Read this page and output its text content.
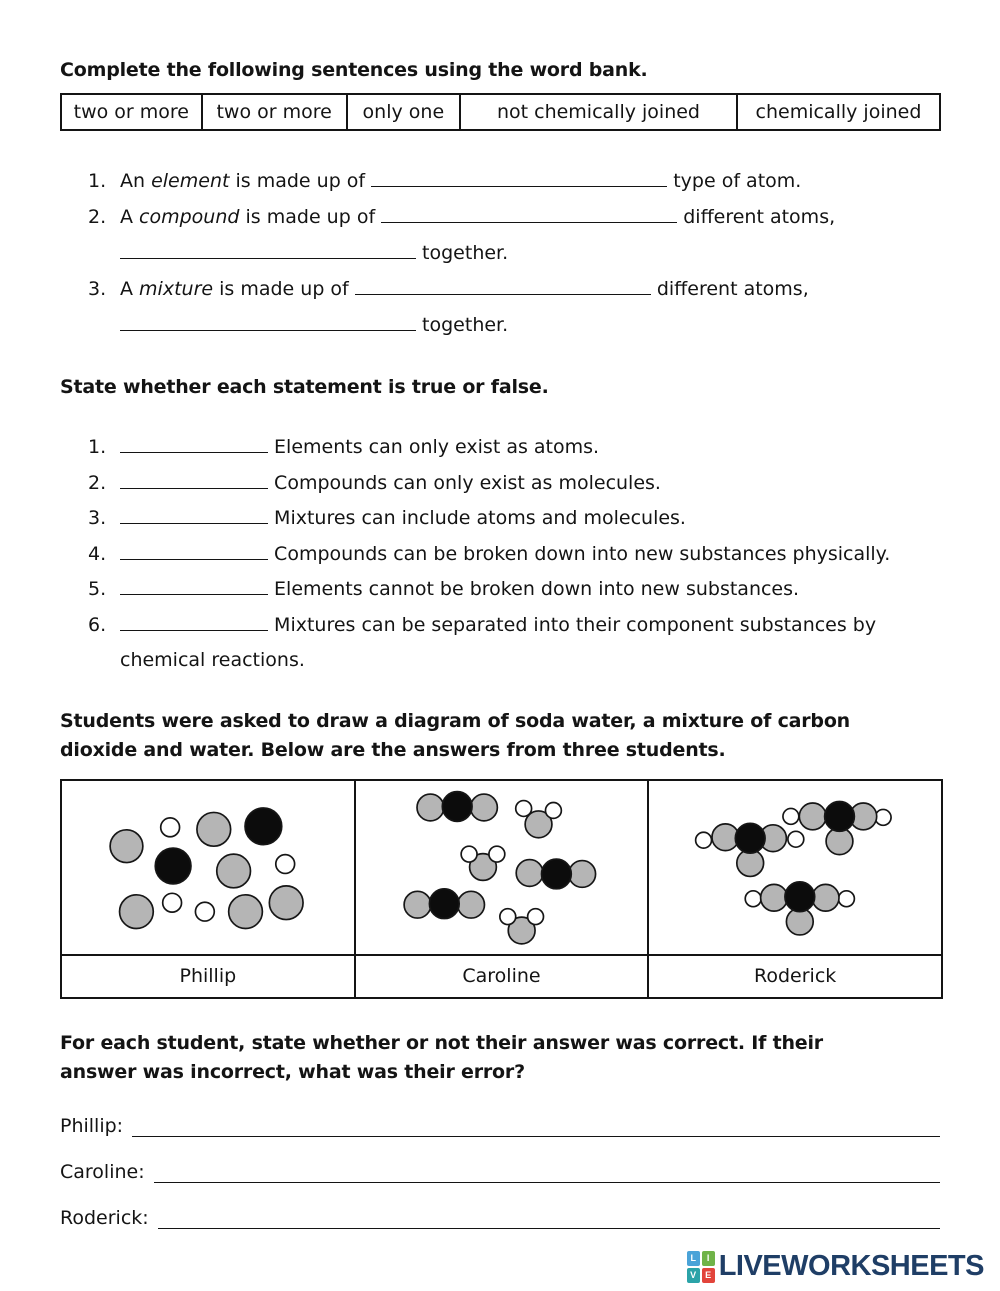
Complete the following sentences using the word bank.
two or more	two or more	only one	not chemically joined	chemically joined
1. An element is made up of	type of atom.
2. A compound is made up of	different atoms,
together.
3. A mixture is made up of	different atoms,
together.
State whether each statement is true or false.
1.	Elements can only exist as atoms.
2.	Compounds can only exist as molecules.
3.	Mixtures can include atoms and molecules.
4.	Compounds can be broken down into new substances physically.
5.	Elements cannot be broken down into new substances.
6.	Mixtures can be separated into their component substances by
chemical reactions.
Students were asked to draw a diagram of soda water, a mixture of carbon
dioxide and water. Below are the answers from three students.

Phillip	Caroline	Roderick
For each student, state whether or not their answer was correct. If their
answer was incorrect, what was their error?
Phillip:
Caroline:
Roderick:
L	I
V E LIVEWORKSHEETS
